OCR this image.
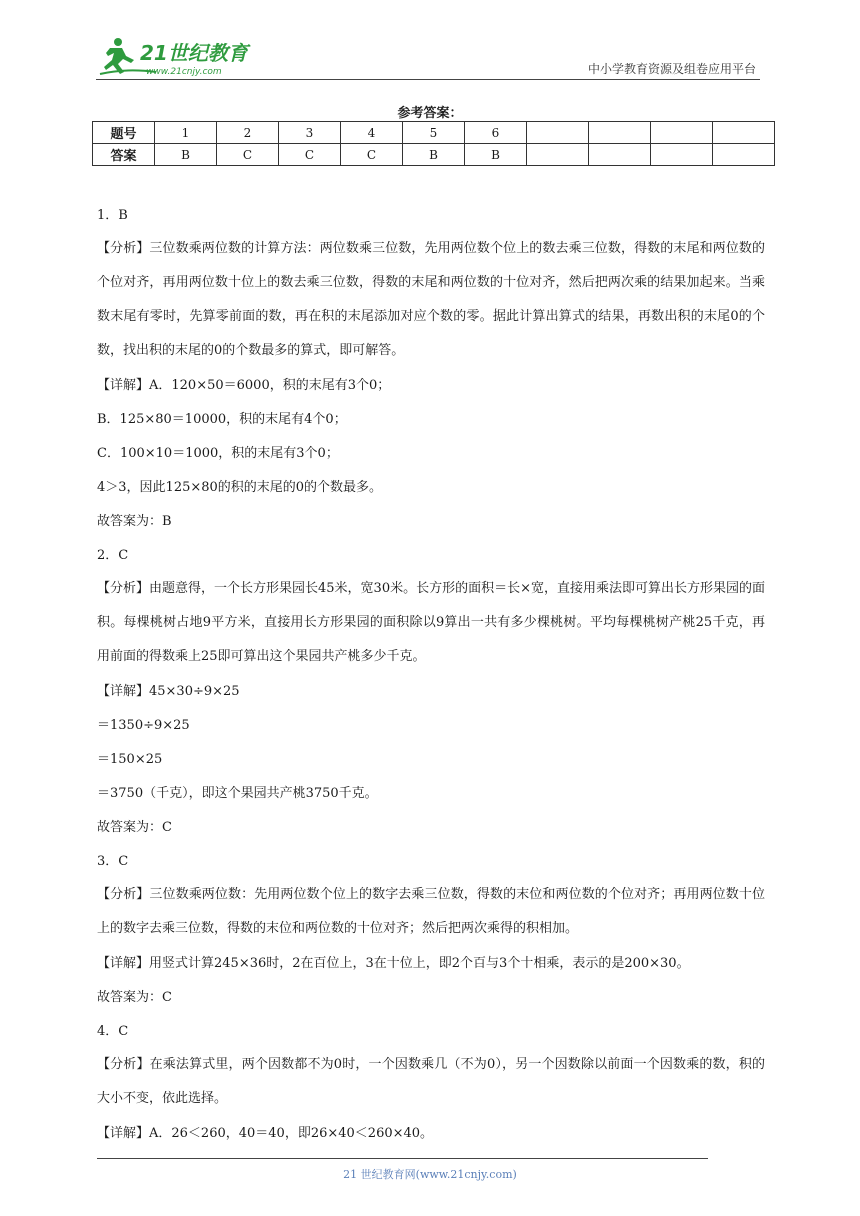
21世纪教育
www.21cnjy.com	中小学教育资源及组卷应用平台
参考答案：
题号	1	2	3	4	5	6				
答案	B	C	C	C	B	B				

1．B

【分析】三位数乘两位数的计算方法：两位数乘三位数，先用两位数个位上的数去乘三位数，得数的末尾和两位数的个位对齐，再用两位数十位上的数去乘三位数，得数的末尾和两位数的十位对齐，然后把两次乘的结果加起来。当乘数末尾有零时，先算零前面的数，再在积的末尾添加对应个数的零。据此计算出算式的结果，再数出积的末尾0的个数，找出积的末尾的0的个数最多的算式，即可解答。

【详解】A．120×50＝6000，积的末尾有3个0；

B．125×80＝10000，积的末尾有4个0；

C．100×10＝1000，积的末尾有3个0；

4＞3，因此125×80的积的末尾的0的个数最多。

故答案为：B

2．C

【分析】由题意得，一个长方形果园长45米，宽30米。长方形的面积＝长×宽，直接用乘法即可算出长方形果园的面积。每棵桃树占地9平方米，直接用长方形果园的面积除以9算出一共有多少棵桃树。平均每棵桃树产桃25千克，再用前面的得数乘上25即可算出这个果园共产桃多少千克。

【详解】45×30÷9×25

＝1350÷9×25

＝150×25

＝3750（千克），即这个果园共产桃3750千克。

故答案为：C

3．C

【分析】三位数乘两位数：先用两位数个位上的数字去乘三位数，得数的末位和两位数的个位对齐；再用两位数十位上的数字去乘三位数，得数的末位和两位数的十位对齐；然后把两次乘得的积相加。

【详解】用竖式计算245×36时，2在百位上，3在十位上，即2个百与3个十相乘，表示的是200×30。

故答案为：C

4．C

【分析】在乘法算式里，两个因数都不为0时，一个因数乘几（不为0），另一个因数除以前面一个因数乘的数，积的大小不变，依此选择。

【详解】A．26＜260，40＝40，即26×40＜260×40。

21 世纪教育网(www.21cnjy.com)
